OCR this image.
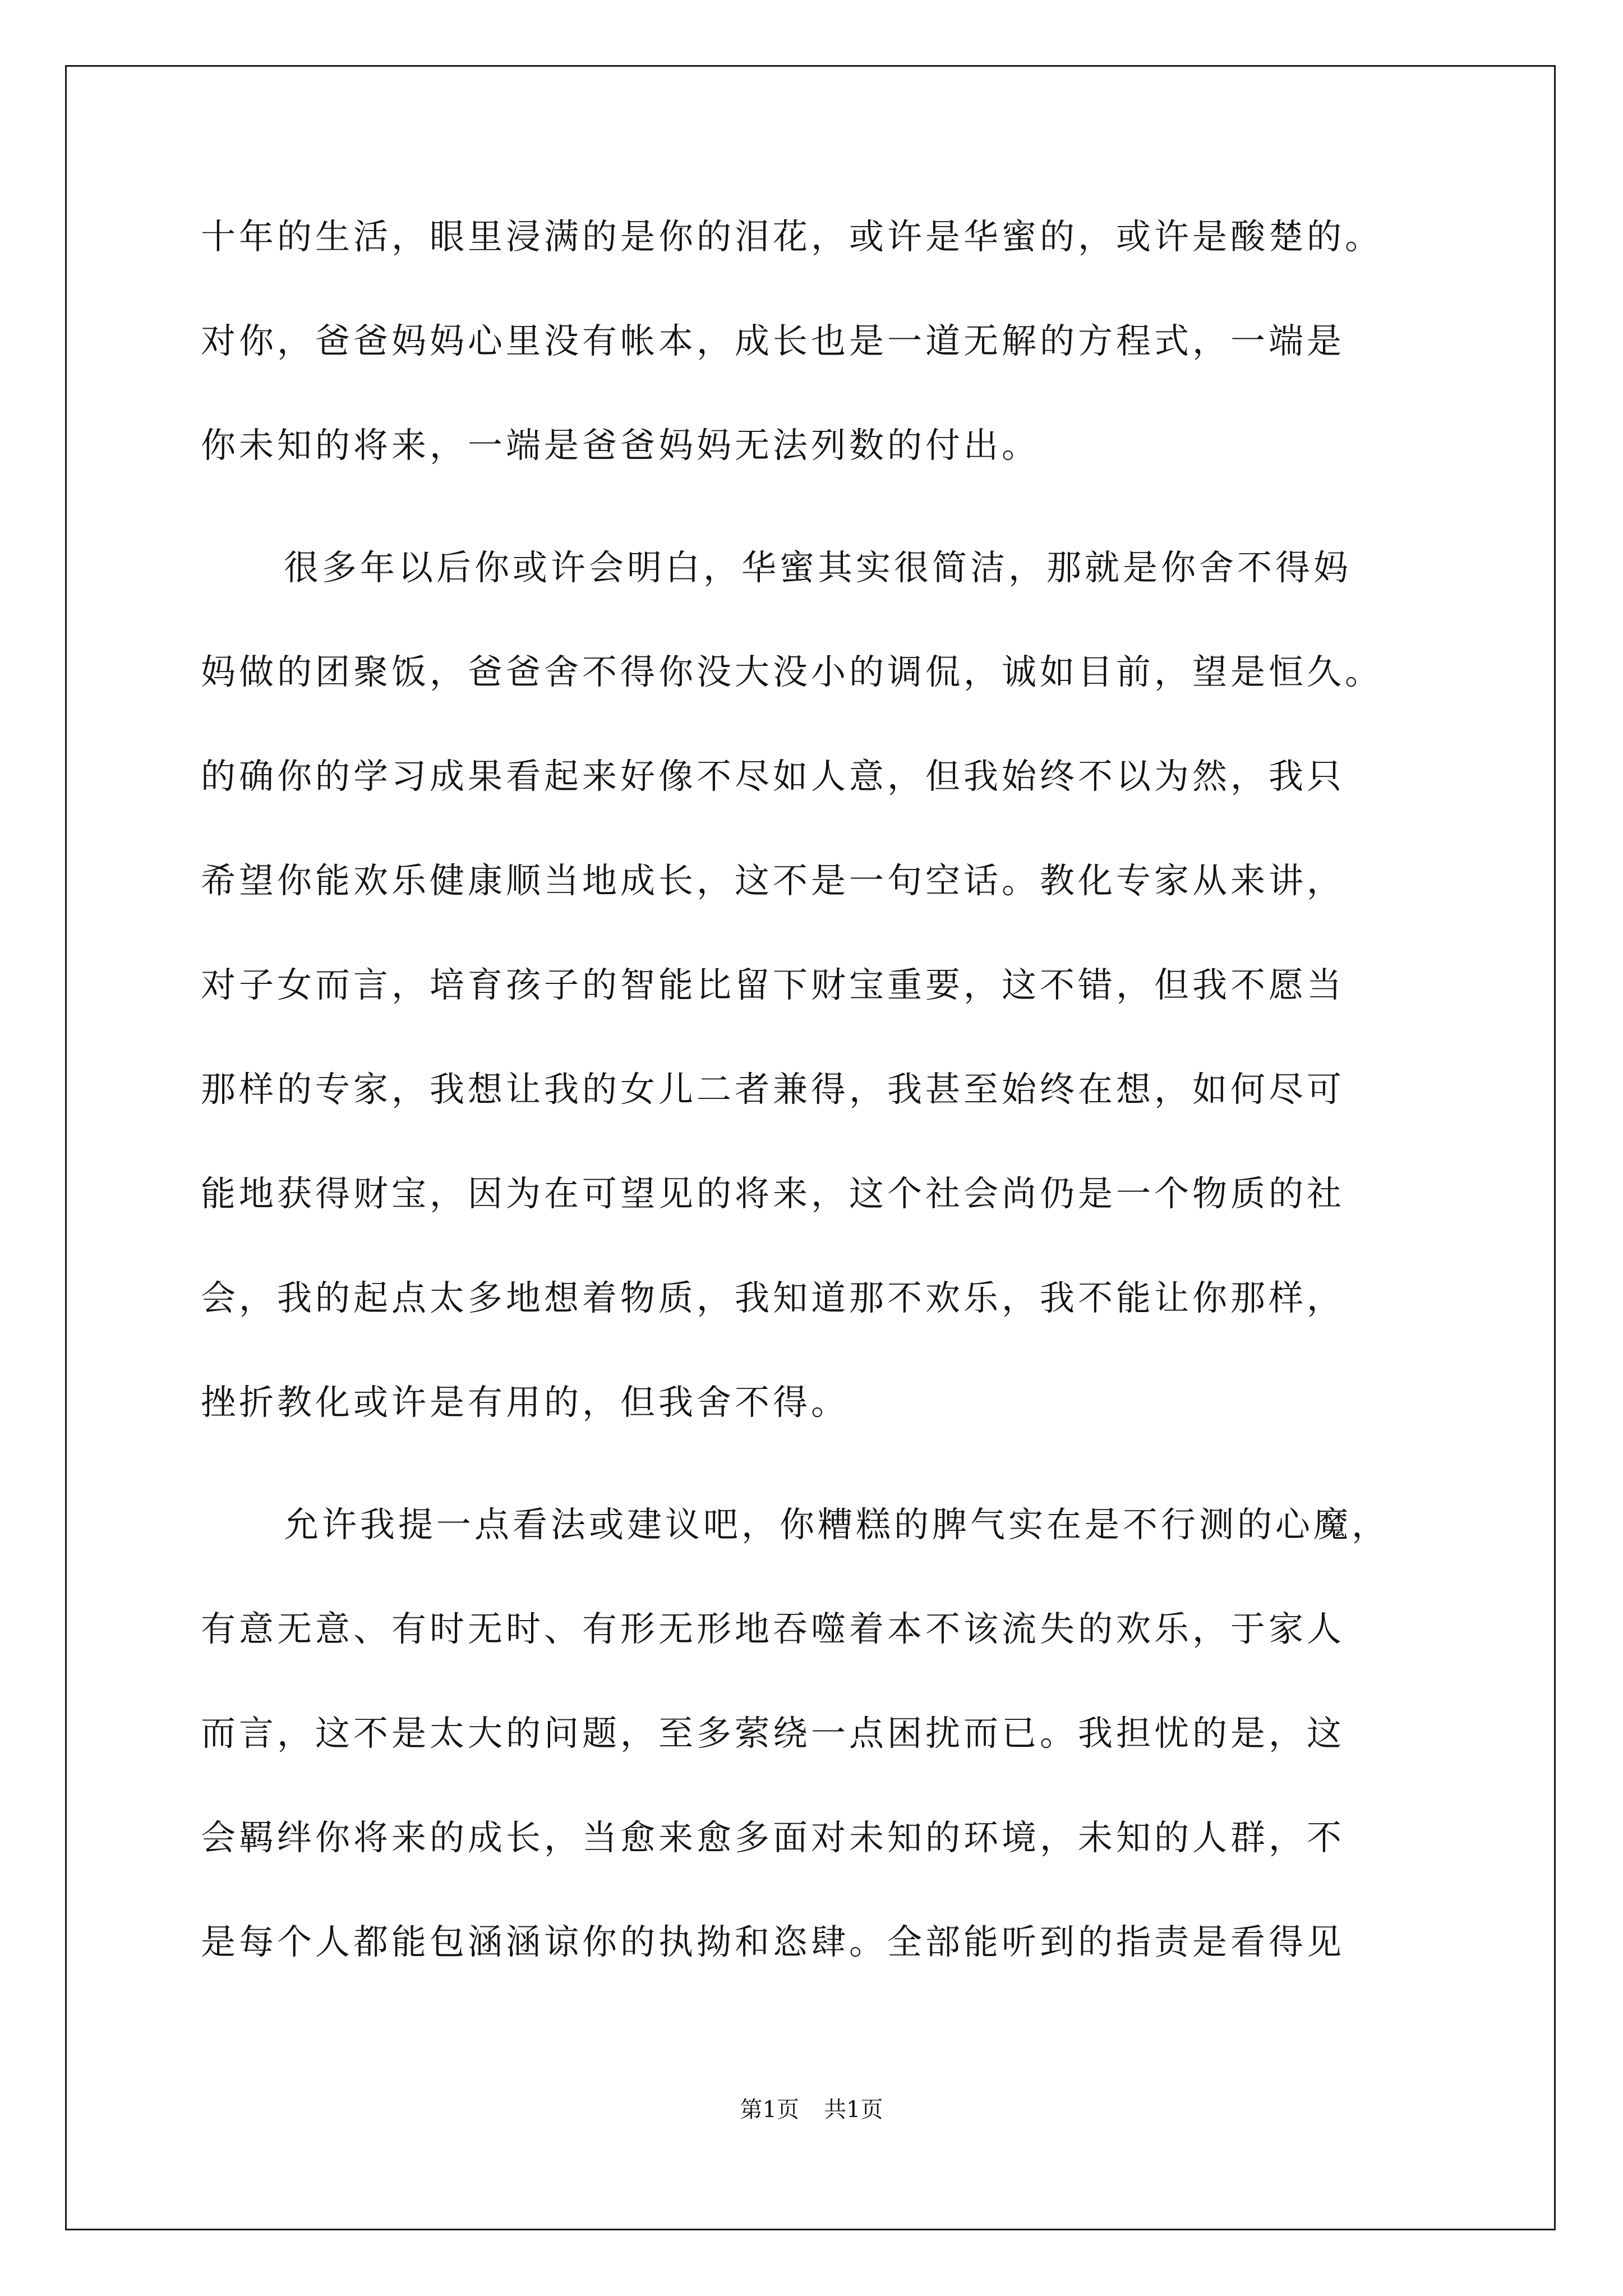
十年的生活，眼里浸满的是你的泪花，或许是华蜜的，或许是酸楚的。
对你，爸爸妈妈心里没有帐本，成长也是一道无解的方程式，一端是
你未知的将来，一端是爸爸妈妈无法列数的付出。
很多年以后你或许会明白，华蜜其实很简洁，那就是你舍不得妈
妈做的团聚饭，爸爸舍不得你没大没小的调侃，诚如目前，望是恒久。
的确你的学习成果看起来好像不尽如人意，但我始终不以为然，我只
希望你能欢乐健康顺当地成长，这不是一句空话。教化专家从来讲，
对子女而言，培育孩子的智能比留下财宝重要，这不错，但我不愿当
那样的专家，我想让我的女儿二者兼得，我甚至始终在想，如何尽可
能地获得财宝，因为在可望见的将来，这个社会尚仍是一个物质的社
会，我的起点太多地想着物质，我知道那不欢乐，我不能让你那样，
挫折教化或许是有用的，但我舍不得。
允许我提一点看法或建议吧，你糟糕的脾气实在是不行测的心魔，
有意无意、有时无时、有形无形地吞噬着本不该流失的欢乐，于家人
而言，这不是太大的问题，至多萦绕一点困扰而已。我担忧的是，这
会羁绊你将来的成长，当愈来愈多面对未知的环境，未知的人群，不
是每个人都能包涵涵谅你的执拗和恣肆。全部能听到的指责是看得见
第1页 共1页
